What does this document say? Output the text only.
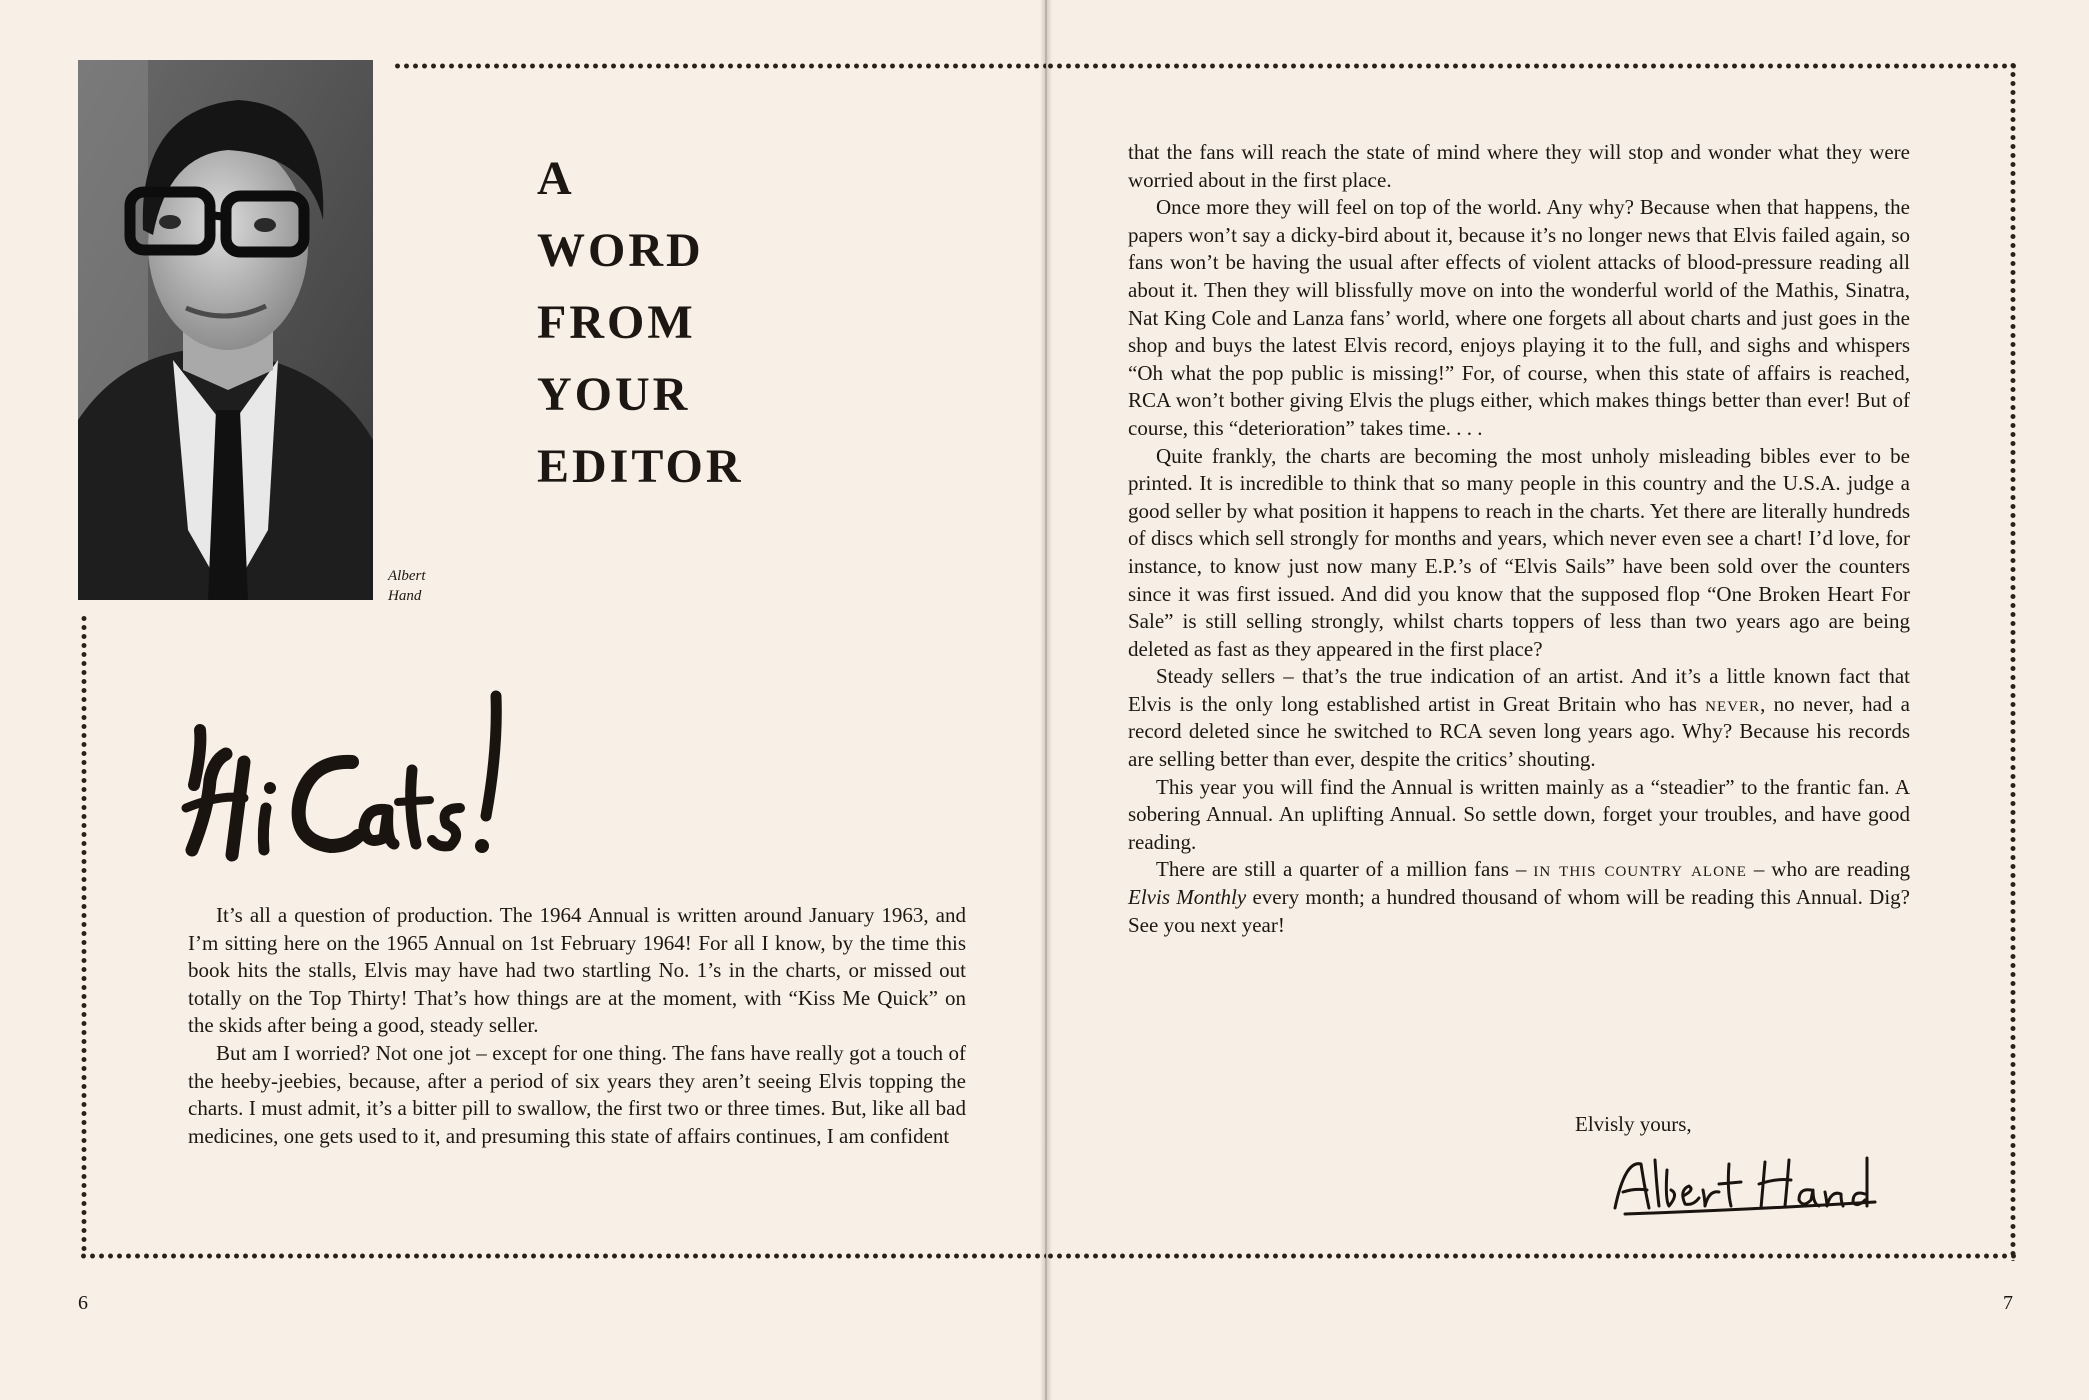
Albert
Hand
A
WORD
FROM
YOUR
EDITOR

It’s all a question of production. The 1964 Annual is written around January 1963, and I’m sitting here on the 1965 Annual on 1st February 1964! For all I know, by the time this book hits the stalls, Elvis may have had two startling No. 1’s in the charts, or missed out totally on the Top Thirty! That’s how things are at the moment, with “Kiss Me Quick” on the skids after being a good, steady seller.

But am I worried? Not one jot – except for one thing. The fans have really got a touch of the heeby-jeebies, because, after a period of six years they aren’t seeing Elvis topping the charts. I must admit, it’s a bitter pill to swallow, the first two or three times. But, like all bad medicines, one gets used to it, and presuming this state of affairs continues, I am confident

6	7

that the fans will reach the state of mind where they will stop and wonder what they were worried about in the first place.

Once more they will feel on top of the world. Any why? Because when that happens, the papers won’t say a dicky-bird about it, because it’s no longer news that Elvis failed again, so fans won’t be having the usual after effects of violent attacks of blood-pressure reading all about it. Then they will blissfully move on into the wonderful world of the Mathis, Sinatra, Nat King Cole and Lanza fans’ world, where one forgets all about charts and just goes in the shop and buys the latest Elvis record, enjoys playing it to the full, and sighs and whispers “Oh what the pop public is missing!” For, of course, when this state of affairs is reached, RCA won’t bother giving Elvis the plugs either, which makes things better than ever! But of course, this “deterioration” takes time. . . .

Quite frankly, the charts are becoming the most unholy misleading bibles ever to be printed. It is incredible to think that so many people in this country and the U.S.A. judge a good seller by what position it happens to reach in the charts. Yet there are literally hundreds of discs which sell strongly for months and years, which never even see a chart! I’d love, for instance, to know just now many E.P.’s of “Elvis Sails” have been sold over the counters since it was first issued. And did you know that the supposed flop “One Broken Heart For Sale” is still selling strongly, whilst charts toppers of less than two years ago are being deleted as fast as they appeared in the first place?

Steady sellers – that’s the true indication of an artist. And it’s a little known fact that Elvis is the only long established artist in Great Britain who has never, no never, had a record deleted since he switched to RCA seven long years ago. Why? Because his records are selling better than ever, despite the critics’ shouting.

This year you will find the Annual is written mainly as a “steadier” to the frantic fan. A sobering Annual. An uplifting Annual. So settle down, forget your troubles, and have good reading.

There are still a quarter of a million fans – in this country alone – who are reading Elvis Monthly every month; a hundred thousand of whom will be reading this Annual. Dig? See you next year!

Elvisly yours,
